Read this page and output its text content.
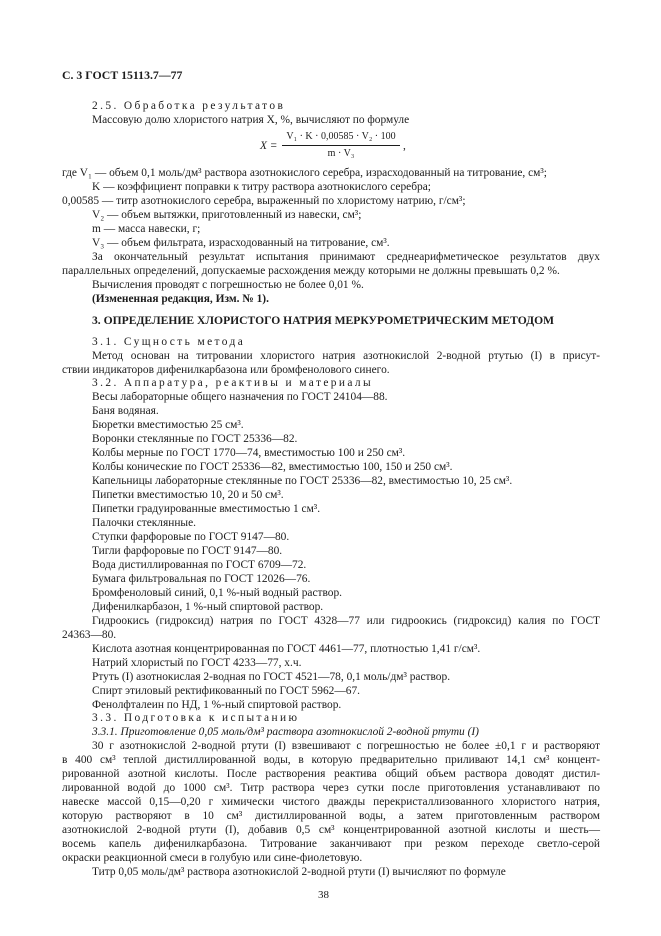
С. 3 ГОСТ 15113.7—77
2.5. Обработка результатов
Массовую долю хлористого натрия X, %, вычисляют по формуле
X =
V₁ · K · 0,00585 · V₂ · 100
m · V₃
,
где V₁ — объем 0,1 моль/дм³ раствора азотнокислого серебра, израсходованный на титрование, см³;
K — коэффициент поправки к титру раствора азотнокислого серебра;
0,00585 — титр азотнокислого серебра, выраженный по хлористому натрию, г/см³;
V₂ — объем вытяжки, приготовленный из навески, см³;
m — масса навески, г;
V₃ — объем фильтрата, израсходованный на титрование, см³.
За окончательный результат испытания принимают среднеарифметическое результатов двух
параллельных определений, допускаемые расхождения между которыми не должны превышать 0,2 %.
Вычисления проводят с погрешностью не более 0,01 %.
(Измененная редакция, Изм. № 1).
3. ОПРЕДЕЛЕНИЕ ХЛОРИСТОГО НАТРИЯ МЕРКУРОМЕТРИЧЕСКИМ МЕТОДОМ
3.1. Сущность метода
Метод основан на титровании хлористого натрия азотнокислой 2-водной ртутью (I) в присут-
ствии индикаторов дифенилкарбазона или бромфенолового синего.
3.2. Аппаратура, реактивы и материалы
Весы лабораторные общего назначения по ГОСТ 24104—88.
Баня водяная.
Бюретки вместимостью 25 см³.
Воронки стеклянные по ГОСТ 25336—82.
Колбы мерные по ГОСТ 1770—74, вместимостью 100 и 250 см³.
Колбы конические по ГОСТ 25336—82, вместимостью 100, 150 и 250 см³.
Капельницы лабораторные стеклянные по ГОСТ 25336—82, вместимостью 10, 25 см³.
Пипетки вместимостью 10, 20 и 50 см³.
Пипетки градуированные вместимостью 1 см³.
Палочки стеклянные.
Ступки фарфоровые по ГОСТ 9147—80.
Тигли фарфоровые по ГОСТ 9147—80.
Вода дистиллированная по ГОСТ 6709—72.
Бумага фильтровальная по ГОСТ 12026—76.
Бромфеноловый синий, 0,1 %-ный водный раствор.
Дифенилкарбазон, 1 %-ный спиртовой раствор.
Гидроокись (гидроксид) натрия по ГОСТ 4328—77 или гидроокись (гидроксид) калия по ГОСТ
24363—80.
Кислота азотная концентрированная по ГОСТ 4461—77, плотностью 1,41 г/см³.
Натрий хлористый по ГОСТ 4233—77, х.ч.
Ртуть (I) азотнокислая 2-водная по ГОСТ 4521—78, 0,1 моль/дм³ раствор.
Спирт этиловый ректификованный по ГОСТ 5962—67.
Фенолфталеин по НД, 1 %-ный спиртовой раствор.
3.3. Подготовка к испытанию
3.3.1. Приготовление 0,05 моль/дм³ раствора азотнокислой 2-водной ртути (I)
30 г азотнокислой 2-водной ртути (I) взвешивают с погрешностью не более ±0,1 г и растворяют
в 400 см³ теплой дистиллированной воды, в которую предварительно приливают 14,1 см³ концент-
рированной азотной кислоты. После растворения реактива общий объем раствора доводят дистил-
лированной водой до 1000 см³. Титр раствора через сутки после приготовления устанавливают по
навеске массой 0,15—0,20 г химически чистого дважды перекристаллизованного хлористого натрия,
которую растворяют в 10 см³ дистиллированной воды, а затем приготовленным раствором
азотнокислой 2-водной ртути (I), добавив 0,5 см³ концентрированной азотной кислоты и шесть—
восемь капель дифенилкарбазона. Титрование заканчивают при резком переходе светло-серой
окраски реакционной смеси в голубую или сине-фиолетовую.
Титр 0,05 моль/дм³ раствора азотнокислой 2-водной ртути (I) вычисляют по формуле
38
